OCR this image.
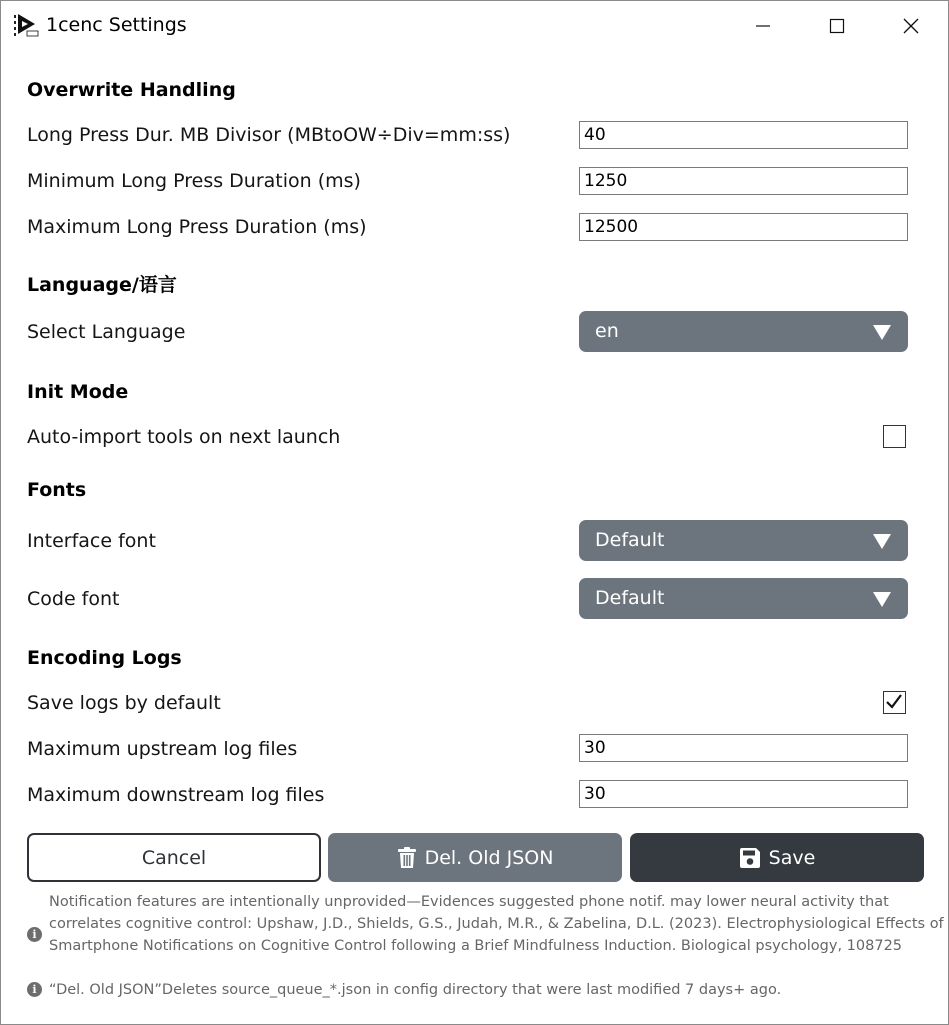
1cenc Settings
Overwrite Handling
Long Press Dur. MB Divisor (MBtoOW÷Div=mm:ss)	40
Minimum Long Press Duration (ms)	1250
Maximum Long Press Duration (ms)	12500
Language/语言
Select Language	en
Init Mode
Auto-import tools on next launch
Fonts
Interface font	Default
Code font	Default
Encoding Logs
Save logs by default
Maximum upstream log files	30
Maximum downstream log files	30
Cancel	Del. Old JSON	Save
i
Notification features are intentionally unprovided—Evidences suggested phone notif. may lower neural activity that correlates cognitive control: Upshaw, J.D., Shields, G.S., Judah, M.R., & Zabelina, D.L. (2023). Electrophysiological Effects of Smartphone Notifications on Cognitive Control following a Brief Mindfulness Induction. Biological psychology, 108725
i “Del. Old JSON”Deletes source_queue_*.json in config directory that were last modified 7 days+ ago.
